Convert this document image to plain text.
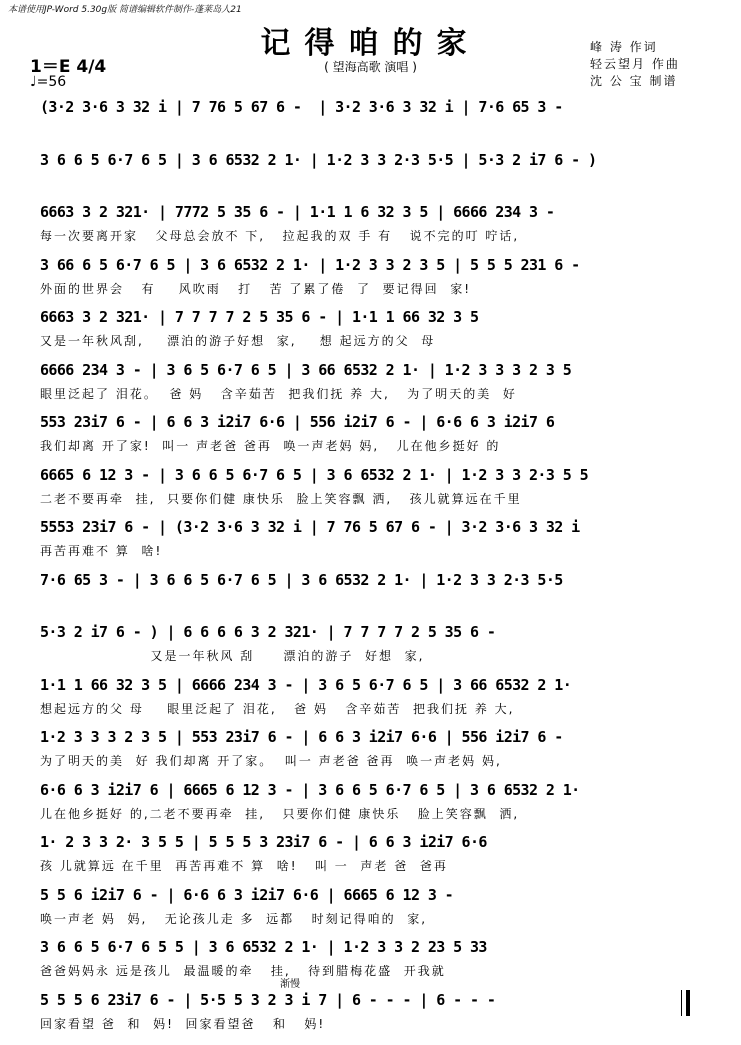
本谱使用JP-Word 5.30g版 简谱编辑软件制作-蓬莱岛人21
记得咱的家
( 望海高歌 演唱 )
1＝E 4/4
♩=56
峰 涛 作词
轻云望月 作曲
沈 公 宝 制谱
(3·2 3·6 3 32 i | 7 76 5 67 6 -  | 3·2 3·6 3 32 i | 7·6 65 3 -
3 6 6 5 6·7 6 5 | 3 6 6532 2 1· | 1·2 3 3 2·3 5·5 | 5·3 2 i7 6 - )
6663 3 2 321· | 7772 5 35 6 - | 1·1 1 6 32 3 5 | 6666 234 3 -
每一次要离开家   父母总会放不 下,   拉起我的双 手 有   说不完的叮 咛话,
3 66 6 5 6·7 6 5 | 3 6 6532 2 1· | 1·2 3 3 2 3 5 | 5 5 5 231 6 -
外面的世界会   有    风吹雨   打   苦 了累了倦  了  要记得回  家!
6663 3 2 321· | 7 7 7 7 2 5 35 6 - | 1·1 1 66 32 3 5
又是一年秋风刮,    漂泊的游子好想  家,    想 起远方的父  母
6666 234 3 - | 3 6 5 6·7 6 5 | 3 66 6532 2 1· | 1·2 3 3 3 2 3 5
眼里泛起了 泪花。  爸 妈   含辛茹苦  把我们抚 养 大,   为了明天的美  好
553 23i7 6 - | 6 6 3 i2i7 6·6 | 556 i2i7 6 - | 6·6 6 3 i2i7 6
我们却离 开了家!  叫一 声老爸 爸再  唤一声老妈 妈,   儿在他乡挺好 的
6665 6 12 3 - | 3 6 6 5 6·7 6 5 | 3 6 6532 2 1· | 1·2 3 3 2·3 5 5
二老不要再牵  挂,  只要你们健 康快乐  脸上笑容飘 洒,   孩儿就算远在千里
5553 23i7 6 - | (3·2 3·6 3 32 i | 7 76 5 67 6 - | 3·2 3·6 3 32 i
再苦再难不 算  啥!
7·6 65 3 - | 3 6 6 5 6·7 6 5 | 3 6 6532 2 1· | 1·2 3 3 2·3 5·5
5·3 2 i7 6 - ) | 6 6 6 6 3 2 321· | 7 7 7 7 2 5 35 6 -
又是一年秋风 刮     漂泊的游子  好想  家,
1·1 1 66 32 3 5 | 6666 234 3 - | 3 6 5 6·7 6 5 | 3 66 6532 2 1·
想起远方的父 母    眼里泛起了 泪花,   爸 妈   含辛茹苦  把我们抚 养 大,
1·2 3 3 3 2 3 5 | 553 23i7 6 - | 6 6 3 i2i7 6·6 | 556 i2i7 6 -
为了明天的美  好 我们却离 开了家。  叫一 声老爸 爸再  唤一声老妈 妈,
6·6 6 3 i2i7 6 | 6665 6 12 3 - | 3 6 6 5 6·7 6 5 | 3 6 6532 2 1·
儿在他乡挺好 的,二老不要再牵  挂,   只要你们健 康快乐   脸上笑容飘  洒,
1· 2 3 3 2· 3 5 5 | 5 5 5 3 23i7 6 - | 6 6 3 i2i7 6·6
孩 儿就算远 在千里  再苦再难不 算  啥!   叫 一  声老 爸  爸再
5 5 6 i2i7 6 - | 6·6 6 3 i2i7 6·6 | 6665 6 12 3 -
唤一声老 妈  妈,   无论孩儿走 多  远都   时刻记得咱的  家,
3 6 6 5 6·7 6 5 5 | 3 6 6532 2 1· | 1·2 3 3 2 23 5 33
爸爸妈妈永 远是孩儿  最温暖的牵   挂,   待到腊梅花盛  开我就
5 5 5 6 23i7 6 - | 5·5 5 3 2 3 i 7 | 6 - - - | 6 - - -
回家看望 爸  和  妈!  回家看望爸   和   妈!
渐慢
